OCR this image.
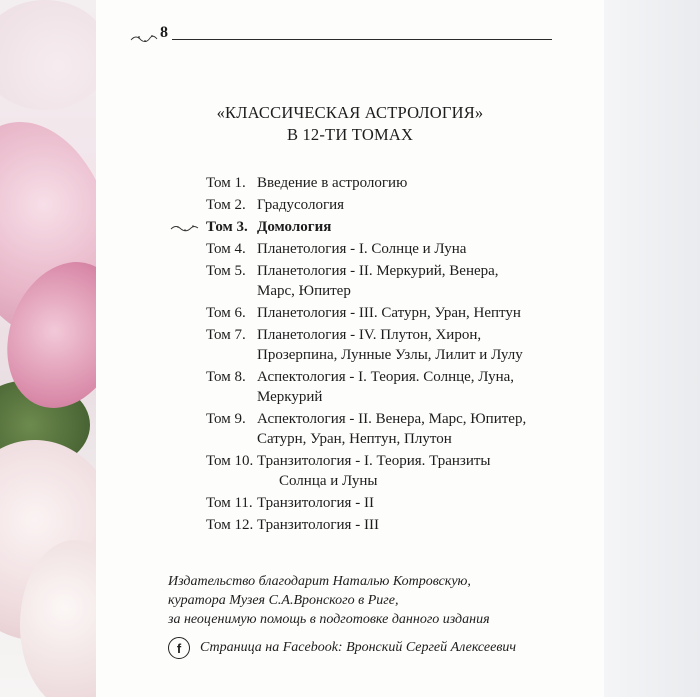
8
«КЛАССИЧЕСКАЯ АСТРОЛОГИЯ»
В 12-ТИ ТОМАХ
Том 1. Введение в астрологию
Том 2. Градусология
Том 3. Домология
Том 4. Планетология - I. Солнце и Луна
Том 5. Планетология - II. Меркурий, Венера,
Марс, Юпитер
Том 6. Планетология - III. Сатурн, Уран, Нептун
Том 7. Планетология - IV. Плутон, Хирон,
Прозерпина, Лунные Узлы, Лилит и Лулу
Том 8. Аспектология - I. Теория. Солнце, Луна,
Меркурий
Том 9. Аспектология - II. Венера, Марс, Юпитер,
Сатурн, Уран, Нептун, Плутон
Том 10. Транзитология - I. Теория. Транзиты
Солнца и Луны
Том 11. Транзитология - II
Том 12. Транзитология - III
Издательство благодарит Наталью Котровскую,
куратора Музея С.А.Вронского в Риге,
за неоценимую помощь в подготовке данного издания
f	Страница на Facebook: Вронский Сергей Алексеевич
